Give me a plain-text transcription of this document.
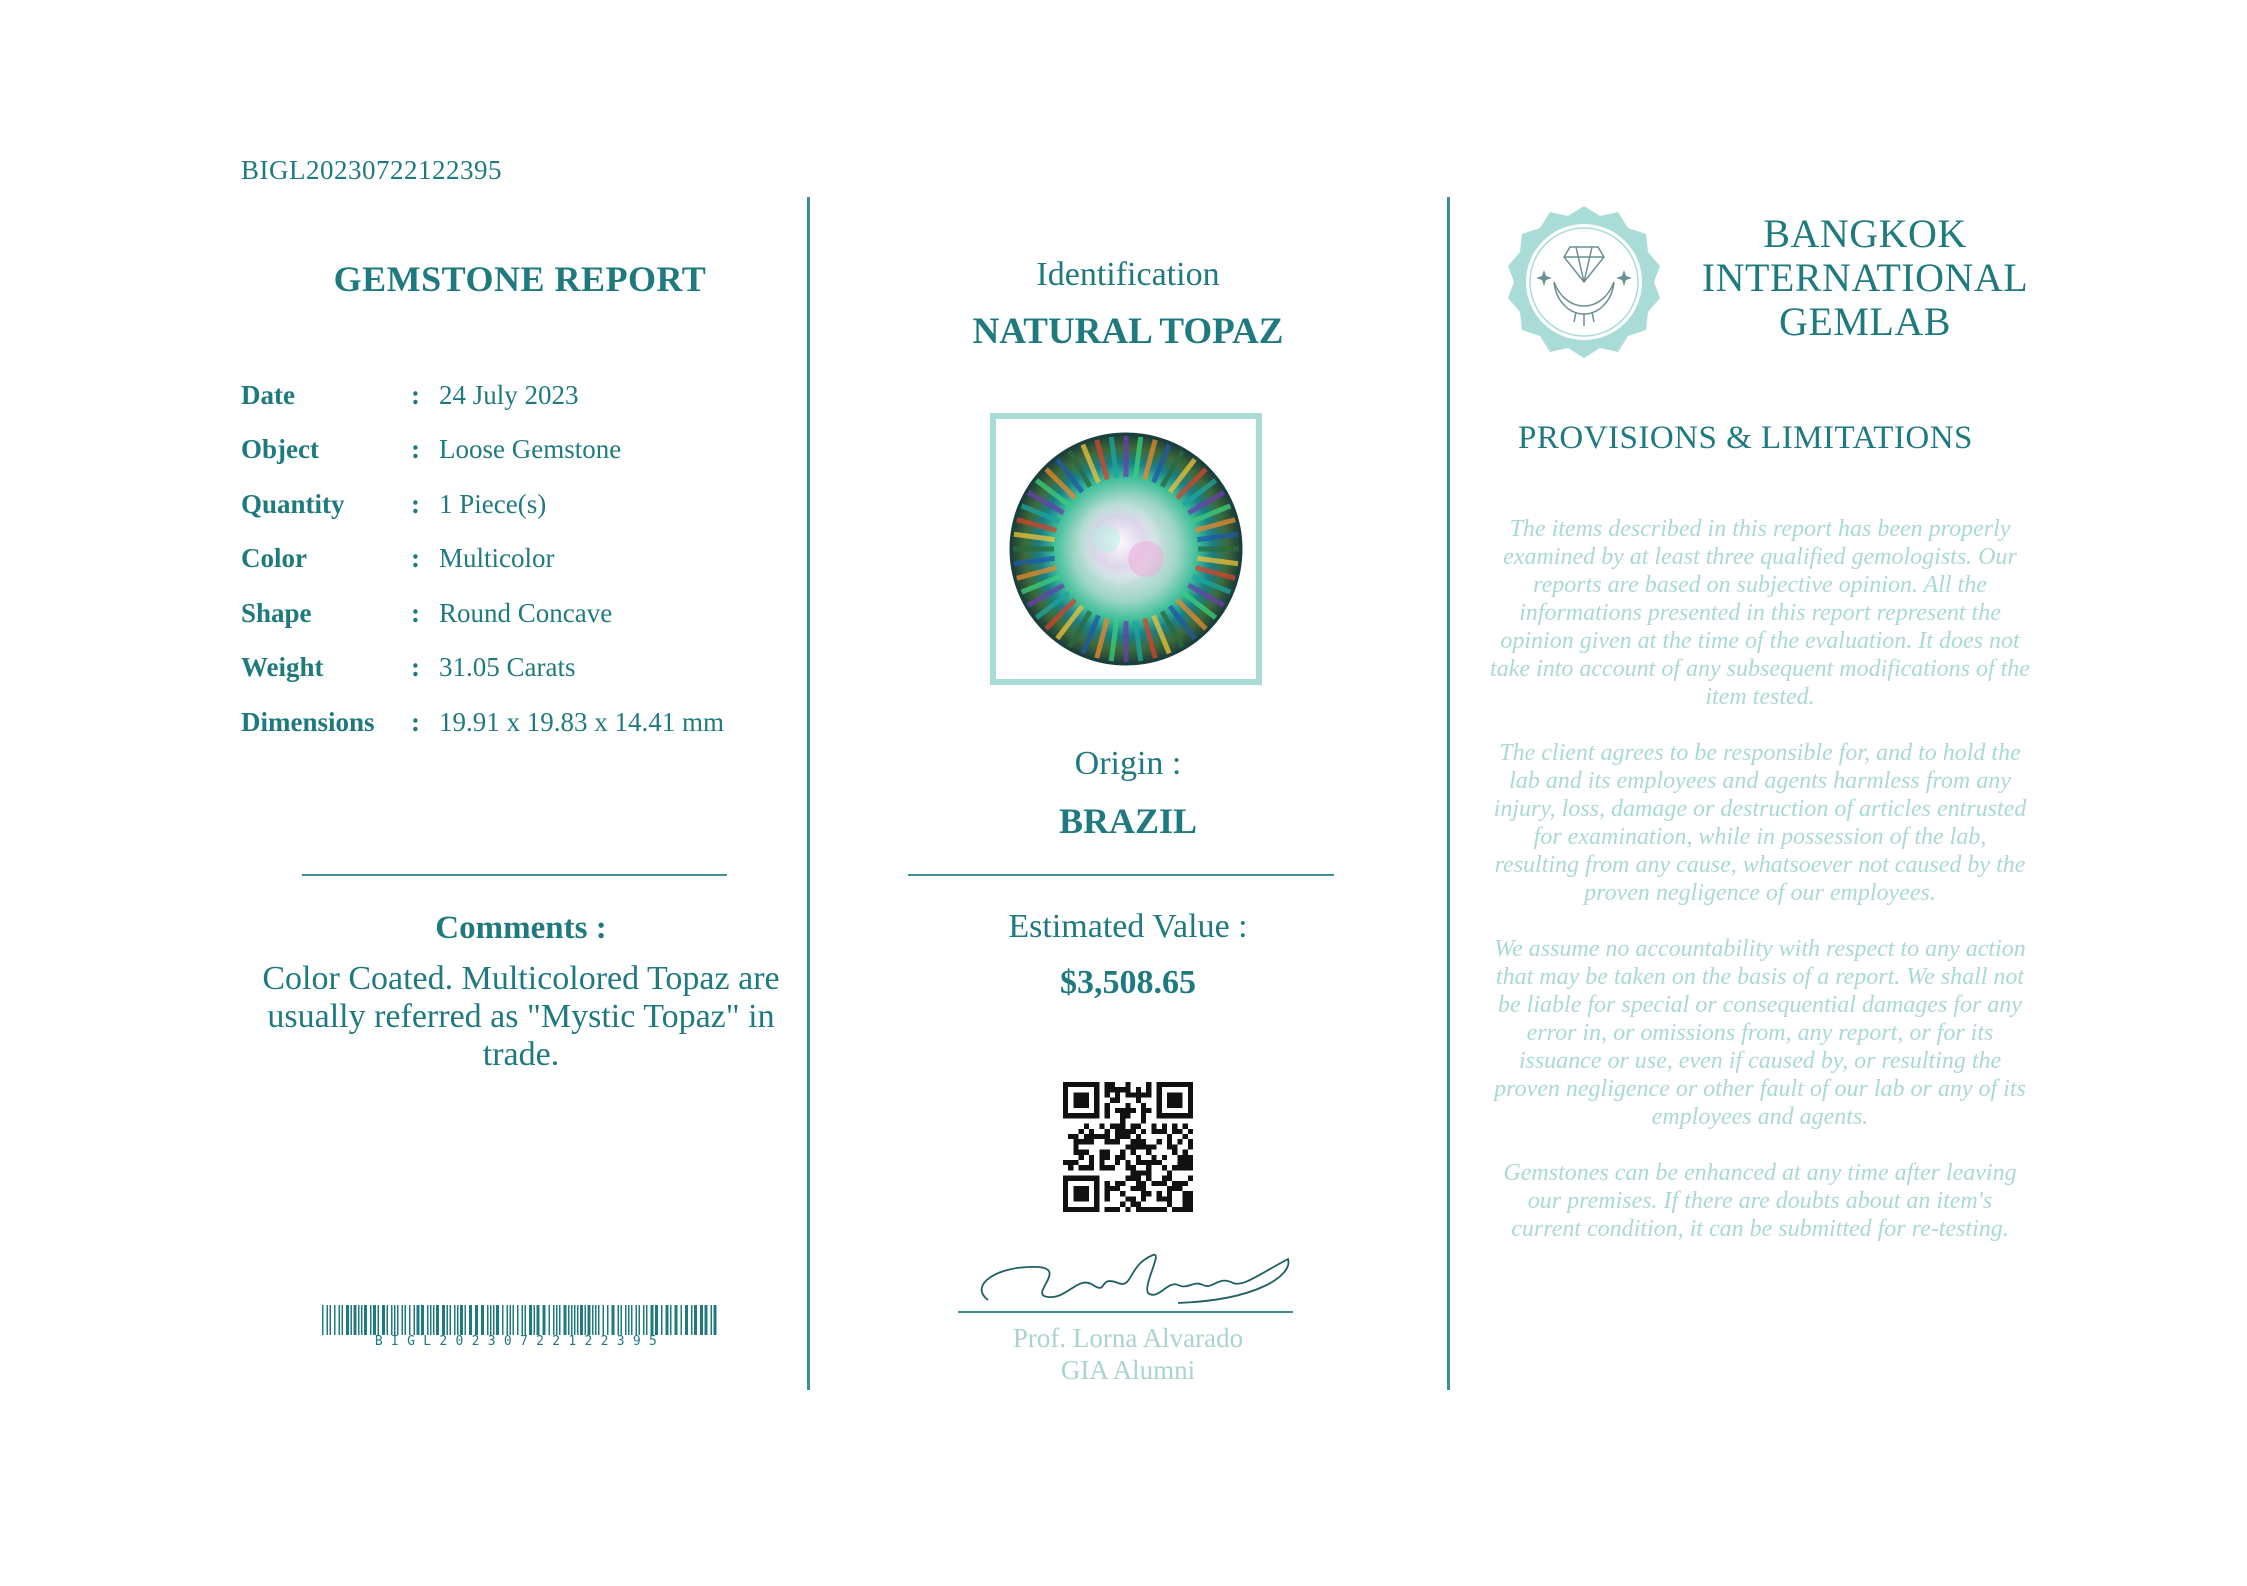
BIGL20230722122395
GEMSTONE REPORT
Date	: 24 July 2023
Object	: Loose Gemstone
Quantity	: 1 Piece(s)
Color	: Multicolor
Shape	: Round Concave
Weight	: 31.05 Carats
Dimensions	: 19.91 x 19.83 x 14.41 mm
Comments :
Color Coated. Multicolored Topaz are usually referred as "Mystic Topaz" in trade.
BIGL20230722122395
Identification
NATURAL TOPAZ
Origin :
BRAZIL
Estimated Value :
$3,508.65
Prof. Lorna Alvarado
GIA Alumni
BANGKOK
INTERNATIONAL
GEMLAB
PROVISIONS & LIMITATIONS

The items described in this report has been properly examined by at least three qualified gemologists. Our reports are based on subjective opinion. All the informations presented in this report represent the opinion given at the time of the evaluation. It does not take into account of any subsequent modifications of the item tested.

The client agrees to be responsible for, and to hold the lab and its employees and agents harmless from any injury, loss, damage or destruction of articles entrusted for examination, while in possession of the lab, resulting from any cause, whatsoever not caused by the proven negligence of our employees.

We assume no accountability with respect to any action that may be taken on the basis of a report. We shall not be liable for special or consequential damages for any error in, or omissions from, any report, or for its issuance or use, even if caused by, or resulting the proven negligence or other fault of our lab or any of its employees and agents.

Gemstones can be enhanced at any time after leaving our premises. If there are doubts about an item's current condition, it can be submitted for re-testing.
